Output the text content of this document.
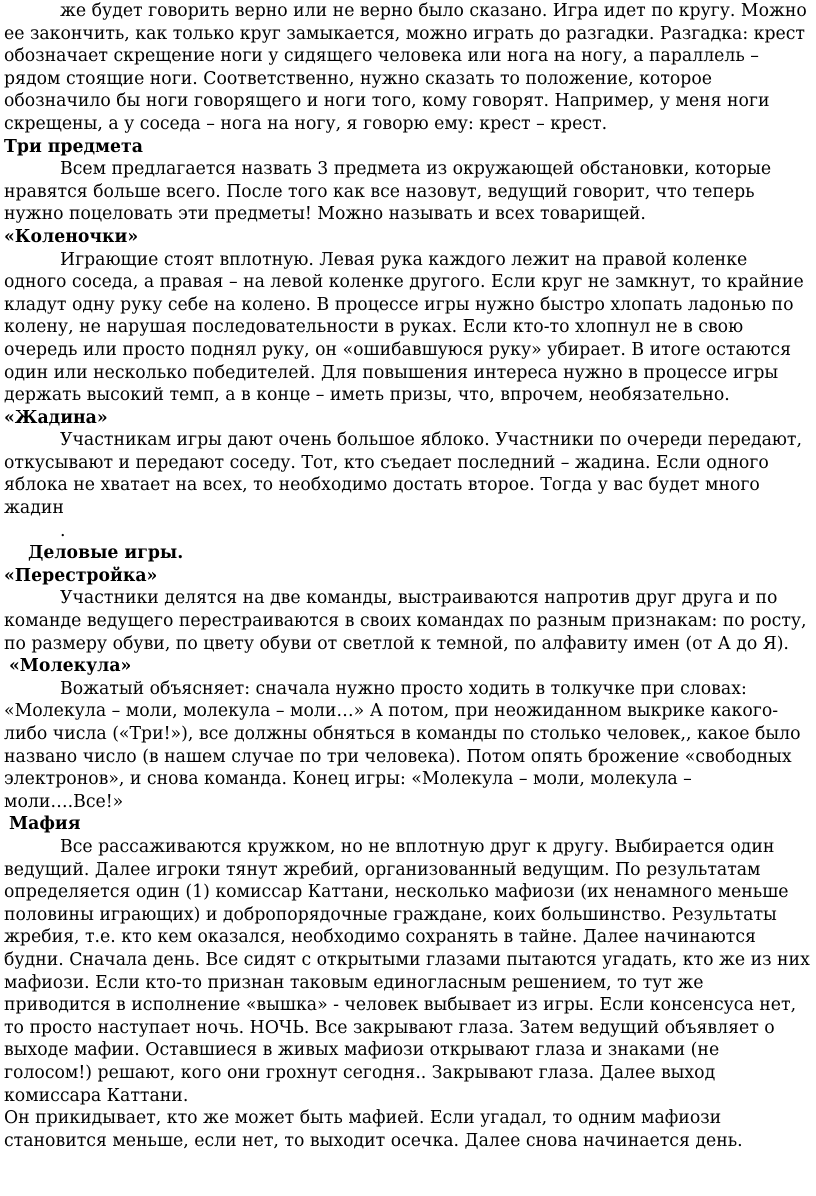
же будет говорить верно или не верно было сказано. Игра идет по кругу. Можно ее закончить, как только круг замыкается, можно играть до разгадки. Разгадка: крест обозначает скрещение ноги у сидящего человека или нога на ногу, а параллель – рядом стоящие ноги. Соответственно, нужно сказать то положение, которое обозначило бы ноги говорящего и ноги того, кому говорят. Например, у меня ноги скрещены, а у соседа – нога на ногу, я говорю ему: крест – крест.

Три предмета

Всем предлагается назвать 3 предмета из окружающей обстановки, которые нравятся больше всего. После того как все назовут, ведущий говорит, что теперь нужно поцеловать эти предметы! Можно называть и всех товарищей.

«Коленочки»

Играющие стоят вплотную. Левая рука каждого лежит на правой коленке одного соседа, а правая – на левой коленке другого. Если круг не замкнут, то крайние кладут одну руку себе на колено. В процессе игры нужно быстро хлопать ладонью по колену, не нарушая последовательности в руках. Если кто-то хлопнул не в свою очередь или просто поднял руку, он «ошибавшуюся руку» убирает. В итоге остаются один или несколько победителей. Для повышения интереса нужно в процессе игры держать высокий темп, а в конце – иметь призы, что, впрочем, необязательно.

«Жадина»

Участникам игры дают очень большое яблоко. Участники по очереди передают, откусывают и передают соседу. Тот, кто съедает последний – жадина. Если одного яблока не хватает на всех, то необходимо достать второе. Тогда у вас будет много жадин

.

Деловые игры.

«Перестройка»

Участники делятся на две команды, выстраиваются напротив друг друга и по команде ведущего перестраиваются в своих командах по разным признакам: по росту, по размеру обуви, по цвету обуви от светлой к темной, по алфавиту имен (от А до Я).

«Молекула»

Вожатый объясняет: сначала нужно просто ходить в толкучке при словах: «Молекула – моли, молекула – моли…» А потом, при неожиданном выкрике какого-либо числа («Три!»), все должны обняться в команды по столько человек,, какое было названо число (в нашем случае по три человека). Потом опять брожение «свободных электронов», и снова команда. Конец игры: «Молекула – моли, молекула – моли….Все!»

Мафия

Все рассаживаются кружком, но не вплотную друг к другу. Выбирается один ведущий. Далее игроки тянут жребий, организованный ведущим. По результатам определяется один (1) комиссар Каттани, несколько мафиози (их ненамного меньше половины играющих) и добропорядочные граждане, коих большинство. Результаты жребия, т.е. кто кем оказался, необходимо сохранять в тайне. Далее начинаются будни. Сначала день. Все сидят с открытыми глазами пытаются угадать, кто же из них мафиози. Если кто-то признан таковым единогласным решением, то тут же приводится в исполнение «вышка» - человек выбывает из игры. Если консенсуса нет, то просто наступает ночь. НОЧЬ. Все закрывают глаза. Затем ведущий объявляет о выходе мафии. Оставшиеся в живых мафиози открывают глаза и знаками (не голосом!) решают, кого они грохнут сегодня.. Закрывают глаза. Далее выход комиссара Каттани.

Он прикидывает, кто же может быть мафией. Если угадал, то одним мафиози становится меньше, если нет, то выходит осечка. Далее снова начинается день.
